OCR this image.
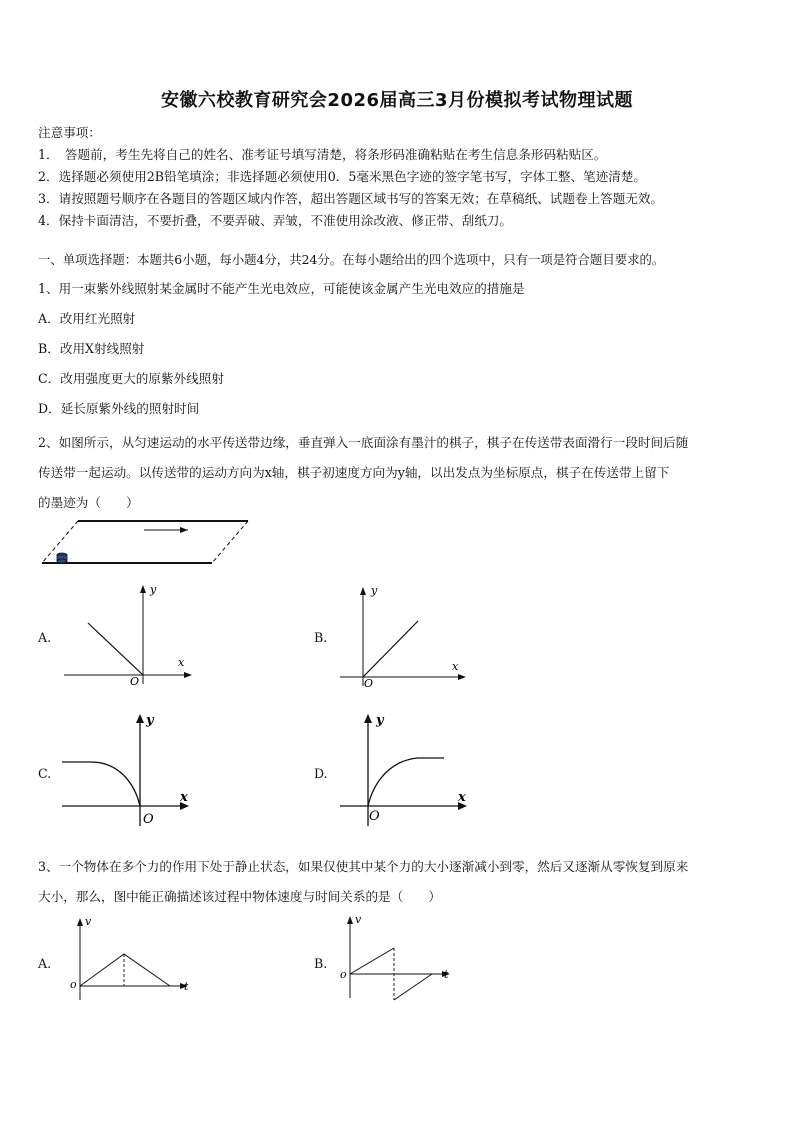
安徽六校教育研究会2026届高三3月份模拟考试物理试题
注意事项：
1．　答题前，考生先将自己的姓名、准考证号填写清楚，将条形码准确粘贴在考生信息条形码粘贴区。
2．选择题必须使用2B铅笔填涂；非选择题必须使用0．5毫米黑色字迹的签字笔书写，字体工整、笔迹清楚。
3．请按照题号顺序在各题目的答题区域内作答，超出答题区域书写的答案无效；在草稿纸、试题卷上答题无效。
4．保持卡面清洁，不要折叠，不要弄破、弄皱，不准使用涂改液、修正带、刮纸刀。
一、单项选择题：本题共6小题，每小题4分，共24分。在每小题给出的四个选项中，只有一项是符合题目要求的。
1、用一束紫外线照射某金属时不能产生光电效应，可能使该金属产生光电效应的措施是
A．改用红光照射
B．改用X射线照射
C．改用强度更大的原紫外线照射
D．延长原紫外线的照射时间
2、如图所示，从匀速运动的水平传送带边缘，垂直弹入一底面涂有墨汁的棋子，棋子在传送带表面滑行一段时间后随
传送带一起运动。以传送带的运动方向为x轴，棋子初速度方向为y轴，以出发点为坐标原点，棋子在传送带上留下
的墨迹为（　　）
A.
y
x
O
B.
y
x
O
C.
y
x
O
D.
y
x
O
3、一个物体在多个力的作用下处于静止状态，如果仅使其中某个力的大小逐渐减小到零，然后又逐渐从零恢复到原来
大小，那么，图中能正确描述该过程中物体速度与时间关系的是（　　）
A.
v
t
o
B.
v
t
o
